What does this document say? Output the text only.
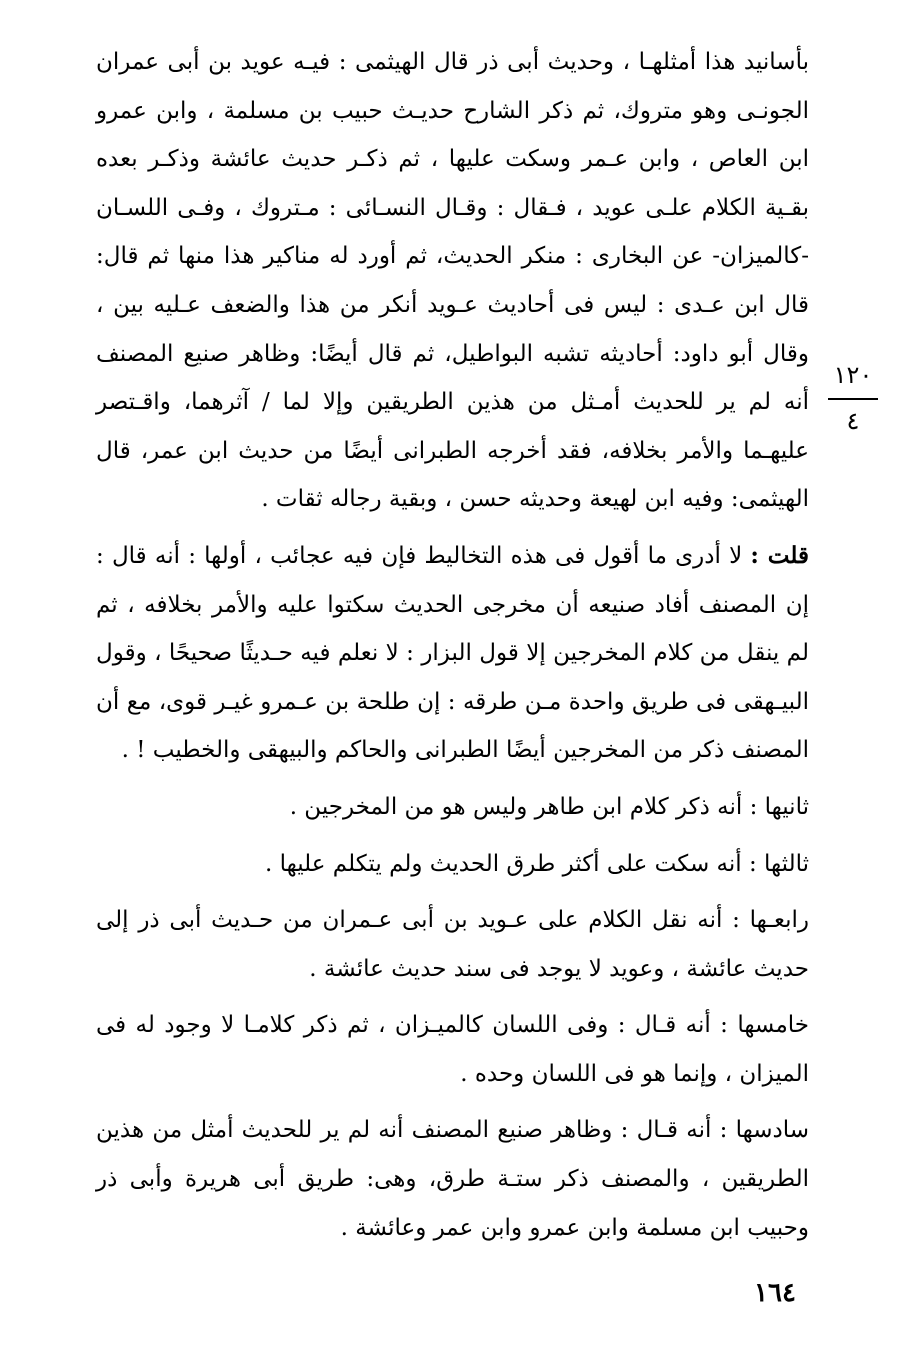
بأسانيد هذا أمثلهـا ، وحديث أبى ذر قال الهيثمى : فيـه عويد بن أبى عمران الجونـى وهو متروك، ثم ذكر الشارح حديـث حبيب بن مسلمة ، وابن عمرو ابن العاص ، وابن عـمر وسكت عليها ، ثم ذكـر حديث عائشة وذكـر بعده بقـية الكلام علـى عويد ، فـقال : وقـال النسـائى : مـتروك ، وفـى اللسـان -كالميزان- عن البخارى : منكر الحديث، ثم أورد له مناكير هذا منها ثم قال: قال ابن عـدى : ليس فى أحاديث عـويد أنكر من هذا والضعف عـليه بين ، وقال أبو داود: أحاديثه تشبه البواطيل، ثم قال أيضًا: وظاهر صنيع المصنف أنه لم ير للحديث أمـثل من هذين الطريقين وإلا لما / آثرهما، واقـتصر عليهـما والأمر بخلافه، فقد أخرجه الطبرانى أيضًا من حديث ابن عمر، قال الهيثمى: وفيه ابن لهيعة وحديثه حسن ، وبقية رجاله ثقات .

قلت : لا أدرى ما أقول فى هذه التخاليط فإن فيه عجائب ، أولها : أنه قال : إن المصنف أفاد صنيعه أن مخرجى الحديث سكتوا عليه والأمر بخلافه ، ثم لم ينقل من كلام المخرجين إلا قول البزار : لا نعلم فيه حـديثًا صحيحًا ، وقول البيـهقى فى طريق واحدة مـن طرقه : إن طلحة بن عـمرو غيـر قوى، مع أن المصنف ذكر من المخرجين أيضًا الطبرانى والحاكم والبيهقى والخطيب ! .

ثانيها : أنه ذكر كلام ابن طاهر وليس هو من المخرجين .

ثالثها : أنه سكت على أكثر طرق الحديث ولم يتكلم عليها .

رابعـها : أنه نقل الكلام على عـويد بن أبى عـمران من حـديث أبى ذر إلى حديث عائشة ، وعويد لا يوجد فى سند حديث عائشة .

خامسها : أنه قـال : وفى اللسان كالميـزان ، ثم ذكر كلامـا لا وجود له فى الميزان ، وإنما هو فى اللسان وحده .

سادسها : أنه قـال : وظاهر صنيع المصنف أنه لم ير للحديث أمثل من هذين الطريقين ، والمصنف ذكر ستـة طرق، وهى: طريق أبى هريرة وأبى ذر وحبيب ابن مسلمة وابن عمرو وابن عمر وعائشة .

١٢٠
٤
١٦٤
